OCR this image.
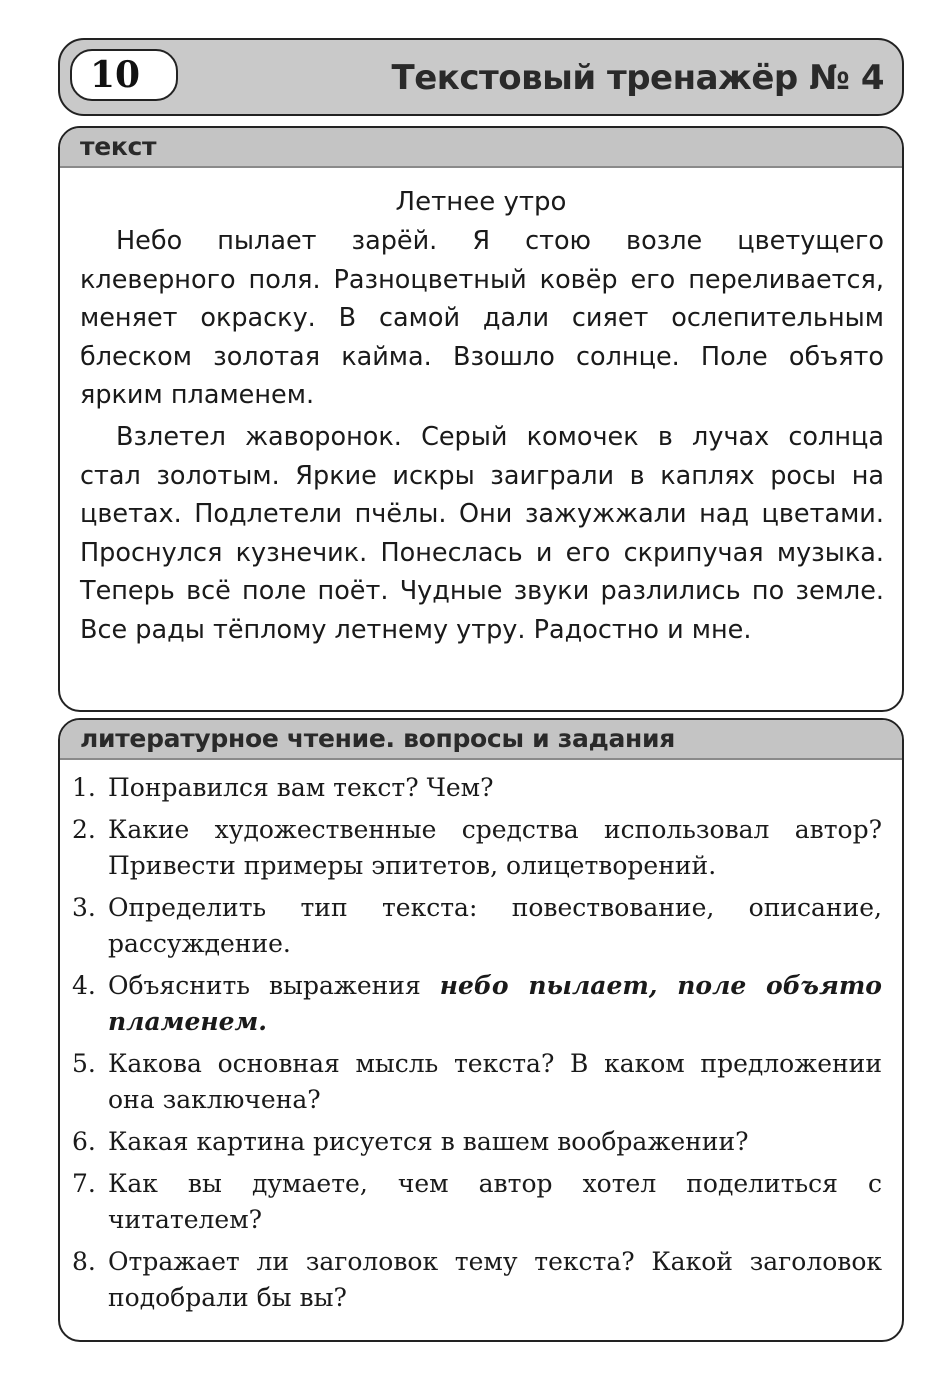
10	Текстовый тренажёр № 4
текст
Летнее утро

Небо пылает зарёй. Я стою возле цветущего клеверного поля. Разноцветный ковёр его переливается, меняет окраску. В самой дали сияет ослепительным блеском золотая кайма. Взошло солнце. Поле объято ярким пламенем.

Взлетел жаворонок. Серый комочек в лучах солнца стал золотым. Яркие искры заиграли в каплях росы на цветах. Подлетели пчёлы. Они зажужжали над цветами. Проснулся кузнечик. Понеслась и его скрипучая музыка. Теперь всё поле поёт. Чудные звуки разлились по земле. Все рады тёплому летнему утру. Радостно и мне.

литературное чтение. вопросы и задания
1. Понравился вам текст? Чем?
2. Какие художественные средства использовал автор? Привести примеры эпитетов, олицетворений.
3. Определить тип текста: повествование, описание, рассуждение.
4. Объяснить выражения небо пылает, поле объято пламенем.
5. Какова основная мысль текста? В каком предложении она заключена?
6. Какая картина рисуется в вашем воображении?
7. Как вы думаете, чем автор хотел поделиться с читателем?
8. Отражает ли заголовок тему текста? Какой заголовок подобрали бы вы?
